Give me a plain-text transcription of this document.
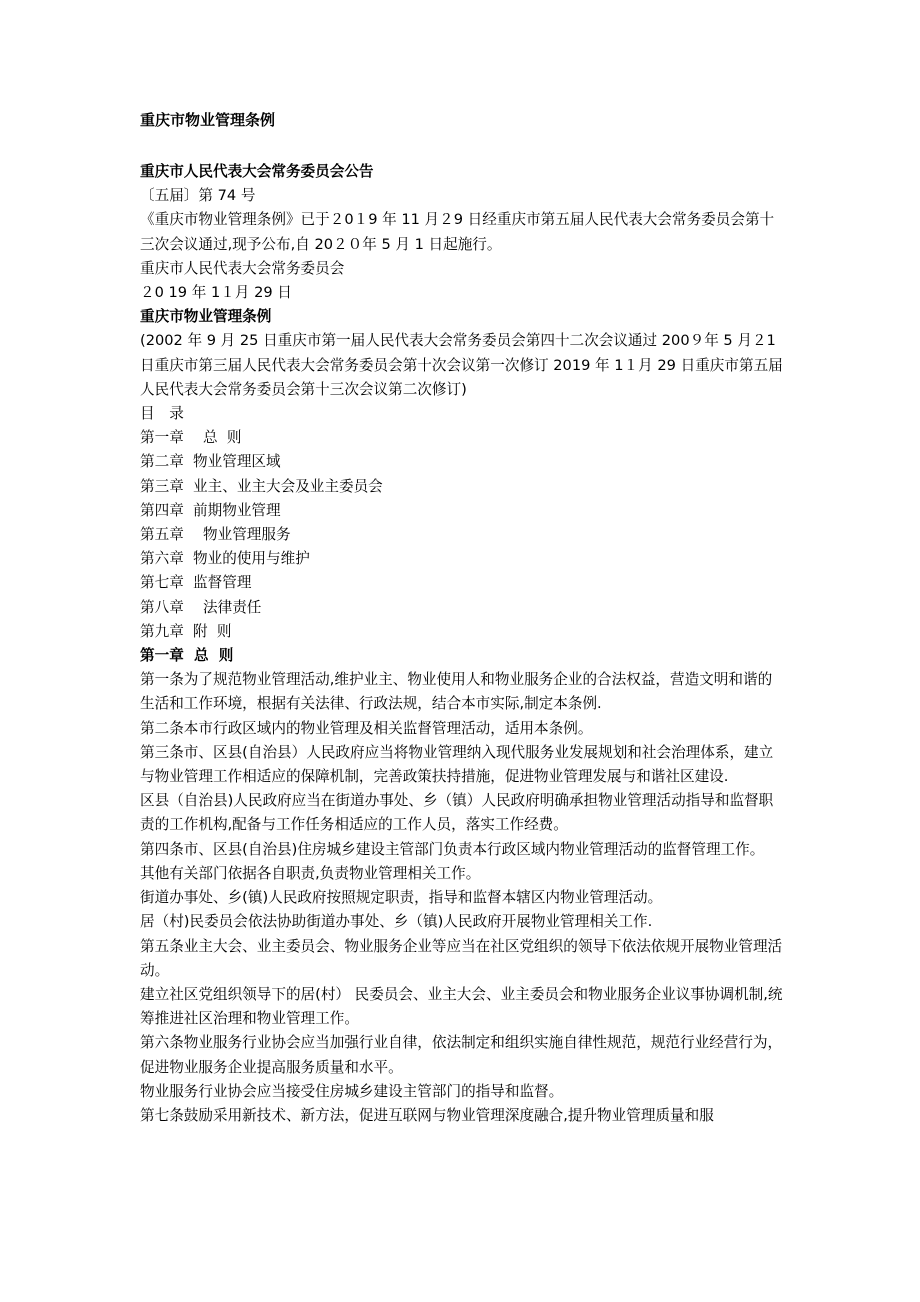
重庆市物业管理条例

重庆市人民代表大会常务委员会公告

〔五届〕第 74 号

《重庆市物业管理条例》已于２0１9 年 11 月２9 日经重庆市第五届人民代表大会常务委员会第十三次会议通过,现予公布,自 20２０年 5 月 1 日起施行。

重庆市人民代表大会常务委员会

２0 19 年 1１月 29 日

重庆市物业管理条例

(2002 年 9 月 25 日重庆市第一届人民代表大会常务委员会第四十二次会议通过 200９年 5 月２1 日重庆市第三届人民代表大会常务委员会第十次会议第一次修订 2019 年 1１月 29 日重庆市第五届人民代表大会常务委员会第十三次会议第二次修订)

目　录

第一章　 总  则

第二章  物业管理区域

第三章  业主、业主大会及业主委员会

第四章  前期物业管理

第五章　 物业管理服务

第六章  物业的使用与维护

第七章  监督管理

第八章　 法律责任

第九章  附  则

第一章  总  则

第一条为了规范物业管理活动,维护业主、物业使用人和物业服务企业的合法权益，营造文明和谐的生活和工作环境，根据有关法律、行政法规，结合本市实际,制定本条例.

第二条本市行政区域内的物业管理及相关监督管理活动，适用本条例。

第三条市、区县(自治县）人民政府应当将物业管理纳入现代服务业发展规划和社会治理体系，建立与物业管理工作相适应的保障机制，完善政策扶持措施，促进物业管理发展与和谐社区建设.

区县（自治县)人民政府应当在街道办事处、乡（镇）人民政府明确承担物业管理活动指导和监督职责的工作机构,配备与工作任务相适应的工作人员，落实工作经费。

第四条市、区县(自治县)住房城乡建设主管部门负责本行政区域内物业管理活动的监督管理工作。

其他有关部门依据各自职责,负责物业管理相关工作。

街道办事处、乡(镇)人民政府按照规定职责，指导和监督本辖区内物业管理活动。

居（村)民委员会依法协助街道办事处、乡（镇)人民政府开展物业管理相关工作.

第五条业主大会、业主委员会、物业服务企业等应当在社区党组织的领导下依法依规开展物业管理活动。

建立社区党组织领导下的居(村） 民委员会、业主大会、业主委员会和物业服务企业议事协调机制,统筹推进社区治理和物业管理工作。

第六条物业服务行业协会应当加强行业自律，依法制定和组织实施自律性规范，规范行业经营行为，促进物业服务企业提高服务质量和水平。

物业服务行业协会应当接受住房城乡建设主管部门的指导和监督。

第七条鼓励采用新技术、新方法，促进互联网与物业管理深度融合,提升物业管理质量和服
